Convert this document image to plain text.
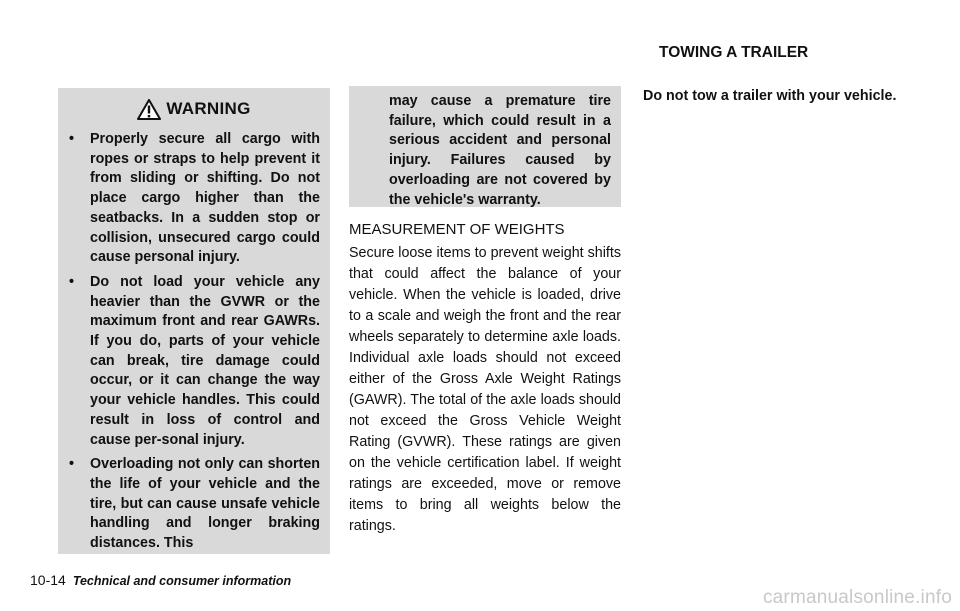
WARNING
• Properly secure all cargo with ropes or straps to help prevent it from sliding or shifting. Do not place cargo higher than the seatbacks. In a sudden stop or collision, unsecured cargo could cause personal injury.
• Do not load your vehicle any heavier than the GVWR or the maximum front and rear GAWRs. If you do, parts of your vehicle can break, tire damage could occur, or it can change the way your vehicle handles. This could result in loss of control and cause per-sonal injury.
• Overloading not only can shorten the life of your vehicle and the tire, but can cause unsafe vehicle handling and longer braking distances. This

may cause a premature tire failure, which could result in a serious accident and personal injury. Failures caused by overloading are not covered by the vehicle's warranty.

MEASUREMENT OF WEIGHTS

Secure loose items to prevent weight shifts that could affect the balance of your vehicle. When the vehicle is loaded, drive to a scale and weigh the front and the rear wheels separately to determine axle loads. Individual axle loads should not exceed either of the Gross Axle Weight Ratings (GAWR). The total of the axle loads should not exceed the Gross Vehicle Weight Rating (GVWR). These ratings are given on the vehicle certification label. If weight ratings are exceeded, move or remove items to bring all weights below the ratings.

TOWING A TRAILER

Do not tow a trailer with your vehicle.

10-14 Technical and consumer information
carmanualsonline.info
